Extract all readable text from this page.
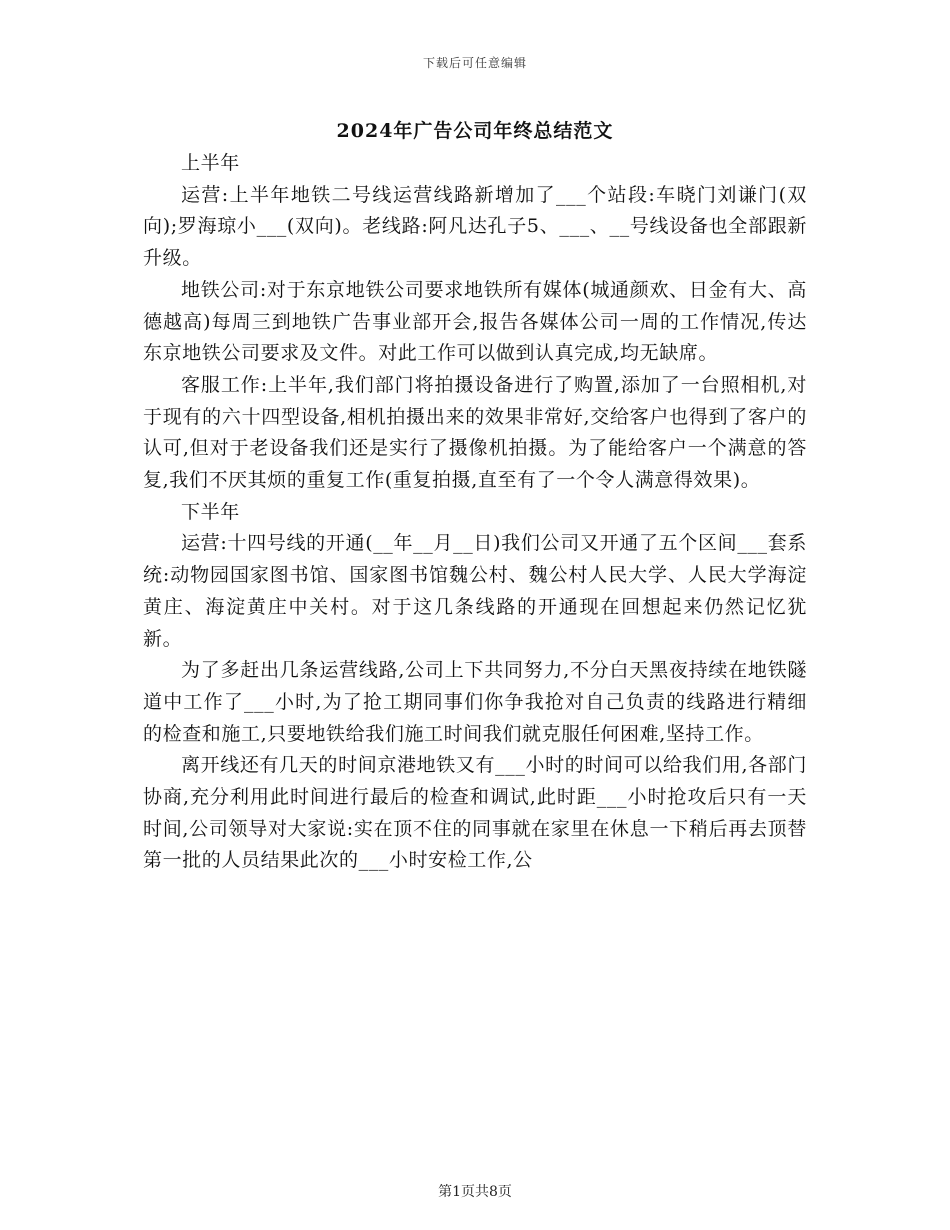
下载后可任意编辑
2024年广告公司年终总结范文

上半年

运营:上半年地铁二号线运营线路新增加了___个站段:车晓门刘谦门(双向);罗海琼小___(双向)。老线路:阿凡达孔子5、___、__号线设备也全部跟新升级。

地铁公司:对于东京地铁公司要求地铁所有媒体(城通颜欢、日金有大、高德越高)每周三到地铁广告事业部开会,报告各媒体公司一周的工作情况,传达东京地铁公司要求及文件。对此工作可以做到认真完成,均无缺席。

客服工作:上半年,我们部门将拍摄设备进行了购置,添加了一台照相机,对于现有的六十四型设备,相机拍摄出来的效果非常好,交给客户也得到了客户的认可,但对于老设备我们还是实行了摄像机拍摄。为了能给客户一个满意的答复,我们不厌其烦的重复工作(重复拍摄,直至有了一个令人满意得效果)。

下半年

运营:十四号线的开通(__年__月__日)我们公司又开通了五个区间___套系统:动物园国家图书馆、国家图书馆魏公村、魏公村人民大学、人民大学海淀黄庄、海淀黄庄中关村。对于这几条线路的开通现在回想起来仍然记忆犹新。

为了多赶出几条运营线路,公司上下共同努力,不分白天黑夜持续在地铁隧道中工作了___小时,为了抢工期同事们你争我抢对自己负责的线路进行精细的检查和施工,只要地铁给我们施工时间我们就克服任何困难,坚持工作。

离开线还有几天的时间京港地铁又有___小时的时间可以给我们用,各部门协商,充分利用此时间进行最后的检查和调试,此时距___小时抢攻后只有一天时间,公司领导对大家说:实在顶不住的同事就在家里在休息一下稍后再去顶替第一批的人员结果此次的___小时安检工作,公

第1页共8页
